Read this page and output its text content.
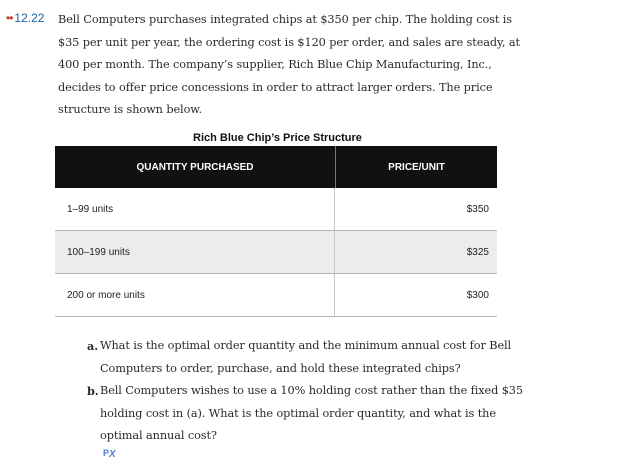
•• 12.22 Bell Computers purchases integrated chips at $350 per chip. The holding cost is
$35 per unit per year, the ordering cost is $120 per order, and sales are steady, at
400 per month. The company’s supplier, Rich Blue Chip Manufacturing, Inc.,
decides to offer price concessions in order to attract larger orders. The price
structure is shown below.
Rich Blue Chip’s Price Structure
QUANTITY PURCHASED	PRICE/UNIT
1–99 units	$350
100–199 units	$325
200 or more units	$300
a. What is the optimal order quantity and the minimum annual cost for Bell
Computers to order, purchase, and hold these integrated chips?
b. Bell Computers wishes to use a 10% holding cost rather than the fixed $35
holding cost in (a). What is the optimal order quantity, and what is the
optimal annual cost?
P X
